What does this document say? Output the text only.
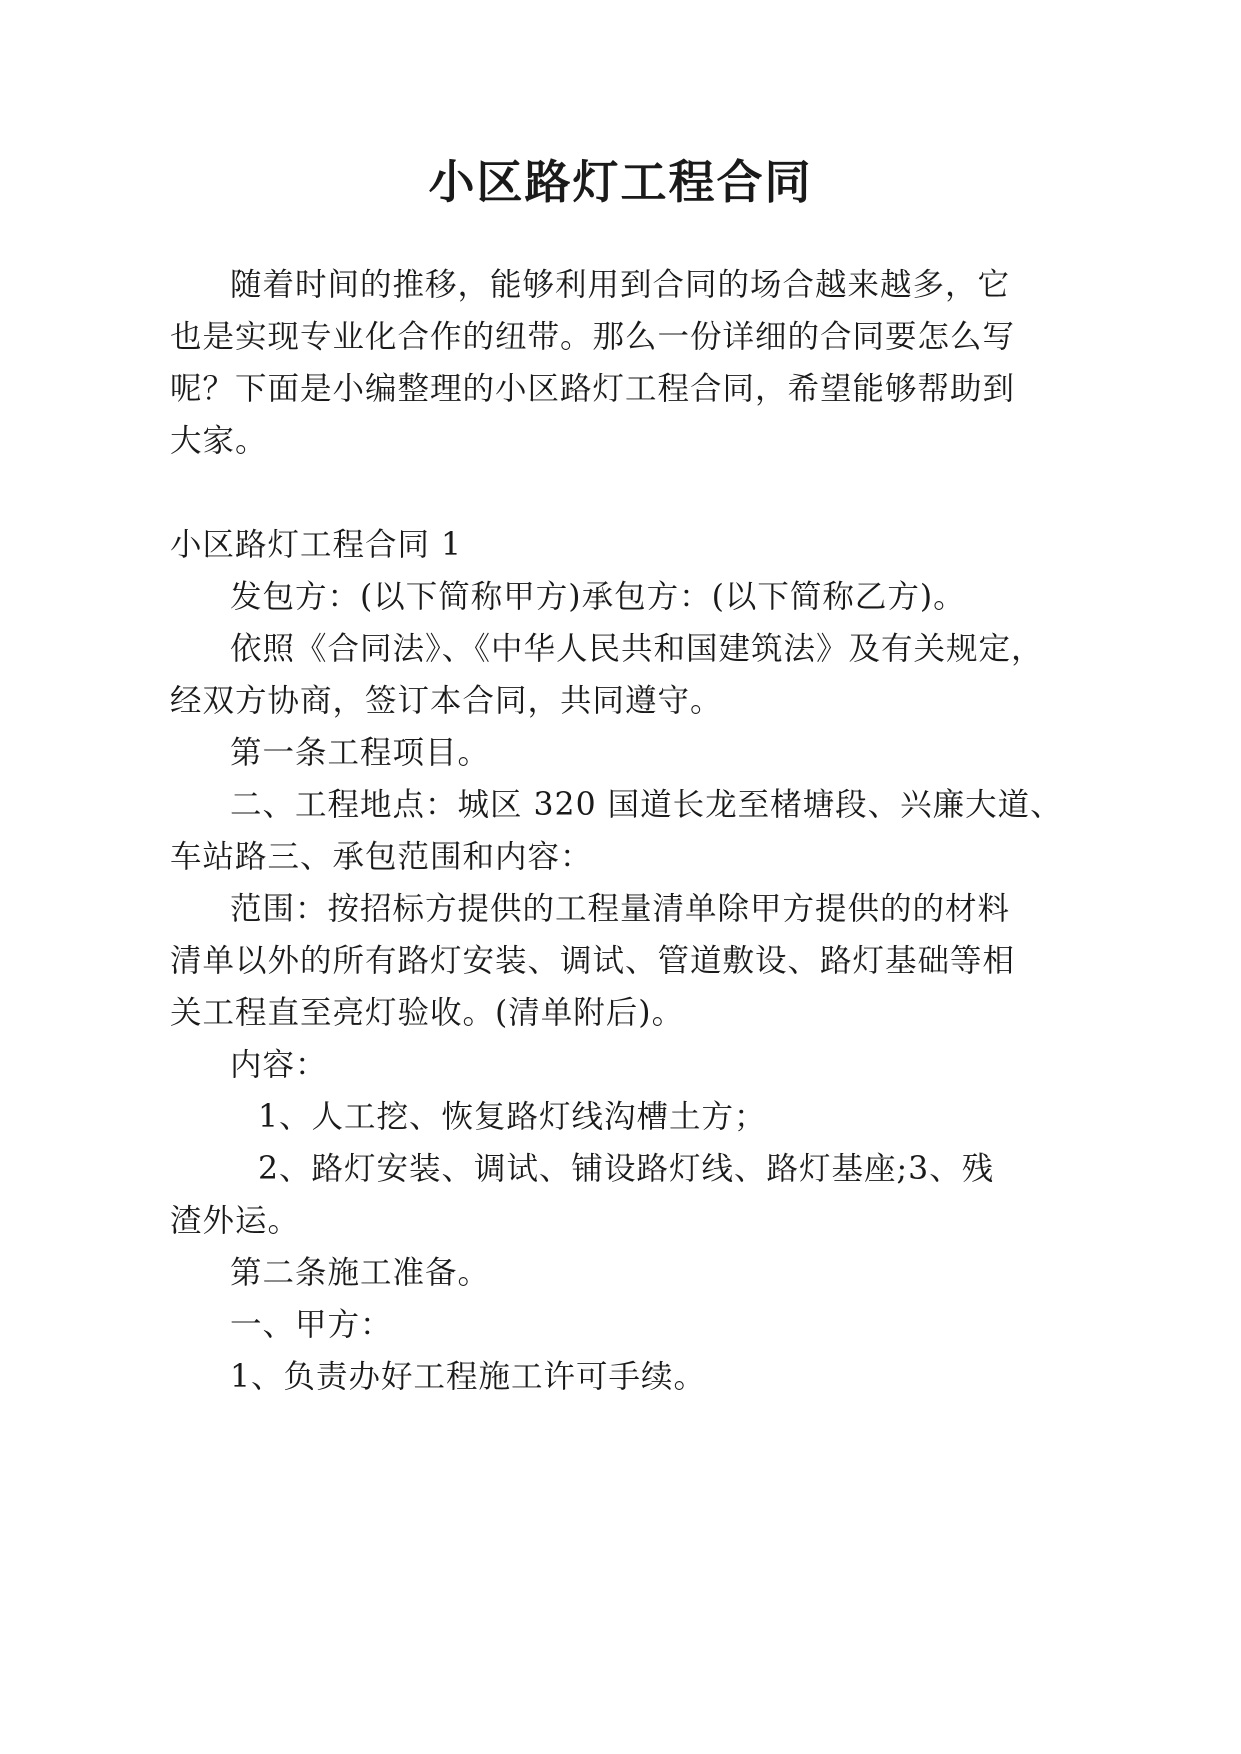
小区路灯工程合同
随着时间的推移，能够利用到合同的场合越来越多，它
也是实现专业化合作的纽带。那么一份详细的合同要怎么写
呢？下面是小编整理的小区路灯工程合同，希望能够帮助到
大家。
小区路灯工程合同 1
发包方：(以下简称甲方)承包方：(以下简称乙方)。
依照《合同法》、《中华人民共和国建筑法》及有关规定，
经双方协商，签订本合同，共同遵守。
第一条工程项目。
二、工程地点：城区 320 国道长龙至楮塘段、兴廉大道、
车站路三、承包范围和内容：
范围：按招标方提供的工程量清单除甲方提供的的材料
清单以外的所有路灯安装、调试、管道敷设、路灯基础等相
关工程直至亮灯验收。(清单附后)。
内容：
1、人工挖、恢复路灯线沟槽土方；
2、路灯安装、调试、铺设路灯线、路灯基座;3、残
渣外运。
第二条施工准备。
一、甲方：
1、负责办好工程施工许可手续。
